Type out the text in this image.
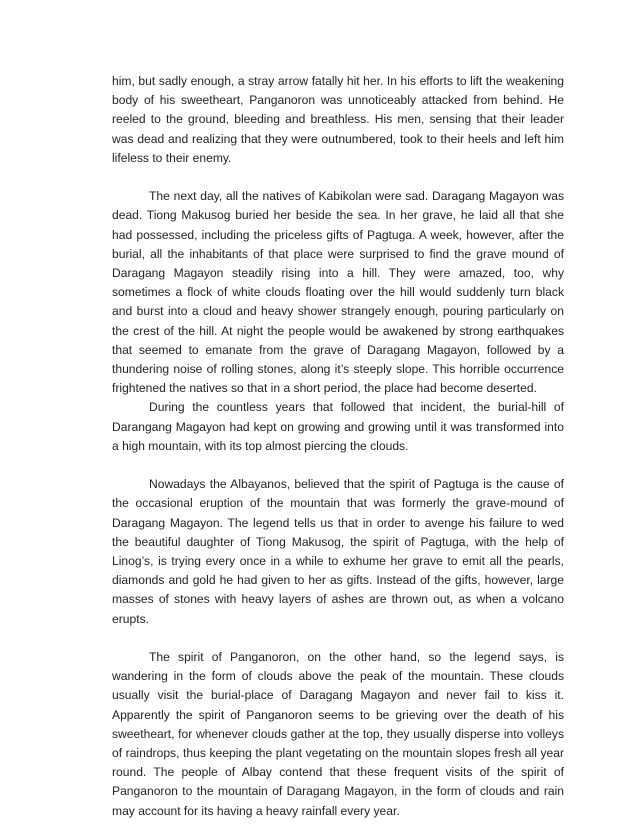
him, but sadly enough, a stray arrow fatally hit her. In his efforts to lift the weakening body of his sweetheart, Panganoron was unnoticeably attacked from behind. He reeled to the ground, bleeding and breathless. His men, sensing that their leader was dead and realizing that they were outnumbered, took to their heels and left him lifeless to their enemy.

The next day, all the natives of Kabikolan were sad. Daragang Magayon was dead. Tiong Makusog buried her beside the sea. In her grave, he laid all that she had possessed, including the priceless gifts of Pagtuga. A week, however, after the burial, all the inhabitants of that place were surprised to find the grave mound of Daragang Magayon steadily rising into a hill. They were amazed, too, why sometimes a flock of white clouds floating over the hill would suddenly turn black and burst into a cloud and heavy shower strangely enough, pouring particularly on the crest of the hill. At night the people would be awakened by strong earthquakes that seemed to emanate from the grave of Daragang Magayon, followed by a thundering noise of rolling stones, along it’s steeply slope. This horrible occurrence frightened the natives so that in a short period, the place had become deserted.

During the countless years that followed that incident, the burial-hill of Darangang Magayon had kept on growing and growing until it was transformed into a high mountain, with its top almost piercing the clouds.

Nowadays the Albayanos, believed that the spirit of Pagtuga is the cause of the occasional eruption of the mountain that was formerly the grave-mound of Daragang Magayon. The legend tells us that in order to avenge his failure to wed the beautiful daughter of Tiong Makusog, the spirit of Pagtuga, with the help of Linog’s, is trying every once in a while to exhume her grave to emit all the pearls, diamonds and gold he had given to her as gifts. Instead of the gifts, however, large masses of stones with heavy layers of ashes are thrown out, as when a volcano erupts.

The spirit of Panganoron, on the other hand, so the legend says, is wandering in the form of clouds above the peak of the mountain. These clouds usually visit the burial-place of Daragang Magayon and never fail to kiss it. Apparently the spirit of Panganoron seems to be grieving over the death of his sweetheart, for whenever clouds gather at the top, they usually disperse into volleys of raindrops, thus keeping the plant vegetating on the mountain slopes fresh all year round. The people of Albay contend that these frequent visits of the spirit of Panganoron to the mountain of Daragang Magayon, in the form of clouds and rain may account for its having a heavy rainfall every year.
